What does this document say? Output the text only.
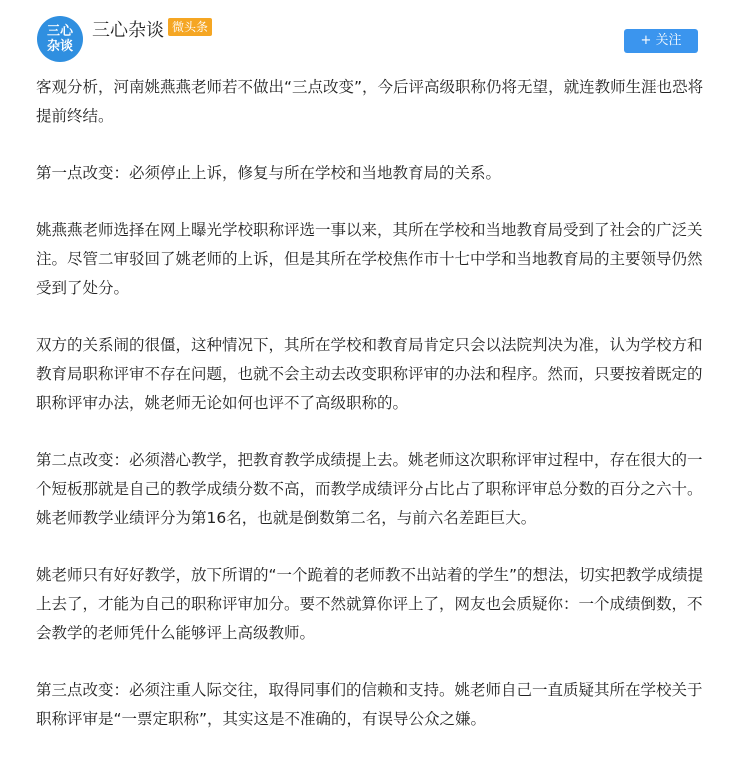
三心
杂谈
三心杂谈 微头条
+ 关注

客观分析，河南姚燕燕老师若不做出“三点改变”，今后评高级职称仍将无望，就连教师生涯也恐将提前终结。

第一点改变：必须停止上诉，修复与所在学校和当地教育局的关系。

姚燕燕老师选择在网上曝光学校职称评选一事以来，其所在学校和当地教育局受到了社会的广泛关注。尽管二审驳回了姚老师的上诉，但是其所在学校焦作市十七中学和当地教育局的主要领导仍然受到了处分。

双方的关系闹的很僵，这种情况下，其所在学校和教育局肯定只会以法院判决为准，认为学校方和教育局职称评审不存在问题，也就不会主动去改变职称评审的办法和程序。然而，只要按着既定的职称评审办法，姚老师无论如何也评不了高级职称的。

第二点改变：必须潜心教学，把教育教学成绩提上去。姚老师这次职称评审过程中，存在很大的一个短板那就是自己的教学成绩分数不高，而教学成绩评分占比占了职称评审总分数的百分之六十。姚老师教学业绩评分为第16名，也就是倒数第二名，与前六名差距巨大。

姚老师只有好好教学，放下所谓的“一个跪着的老师教不出站着的学生”的想法，切实把教学成绩提上去了，才能为自己的职称评审加分。要不然就算你评上了，网友也会质疑你：一个成绩倒数，不会教学的老师凭什么能够评上高级教师。

第三点改变：必须注重人际交往，取得同事们的信赖和支持。姚老师自己一直质疑其所在学校关于职称评审是“一票定职称”，其实这是不准确的，有误导公众之嫌。
